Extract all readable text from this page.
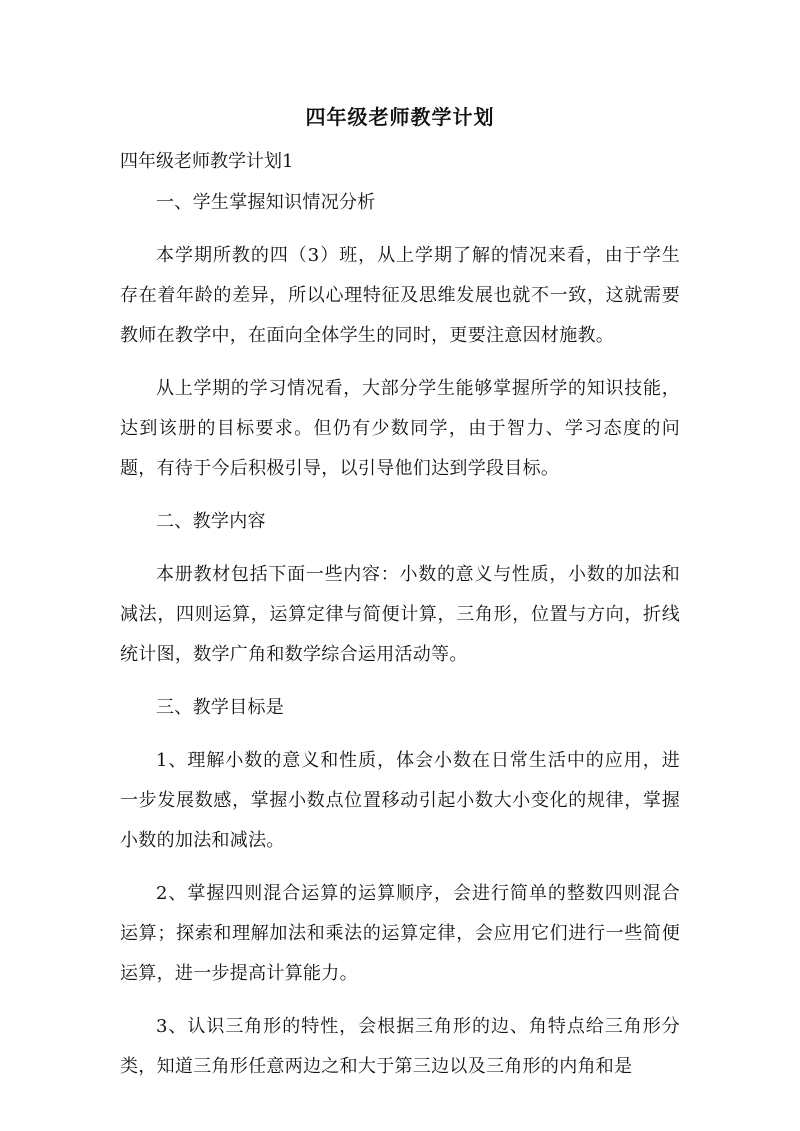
四年级老师教学计划
四年级老师教学计划1

一、学生掌握知识情况分析

本学期所教的四（3）班，从上学期了解的情况来看，由于学生存在着年龄的差异，所以心理特征及思维发展也就不一致，这就需要教师在教学中，在面向全体学生的同时，更要注意因材施教。

从上学期的学习情况看，大部分学生能够掌握所学的知识技能，达到该册的目标要求。但仍有少数同学，由于智力、学习态度的问题，有待于今后积极引导，以引导他们达到学段目标。

二、教学内容

本册教材包括下面一些内容：小数的意义与性质，小数的加法和减法，四则运算，运算定律与简便计算，三角形，位置与方向，折线统计图，数学广角和数学综合运用活动等。

三、教学目标是

1、理解小数的意义和性质，体会小数在日常生活中的应用，进一步发展数感，掌握小数点位置移动引起小数大小变化的规律，掌握小数的加法和减法。

2、掌握四则混合运算的运算顺序，会进行简单的整数四则混合运算；探索和理解加法和乘法的运算定律，会应用它们进行一些简便运算，进一步提高计算能力。

3、认识三角形的特性，会根据三角形的边、角特点给三角形分类，知道三角形任意两边之和大于第三边以及三角形的内角和是
